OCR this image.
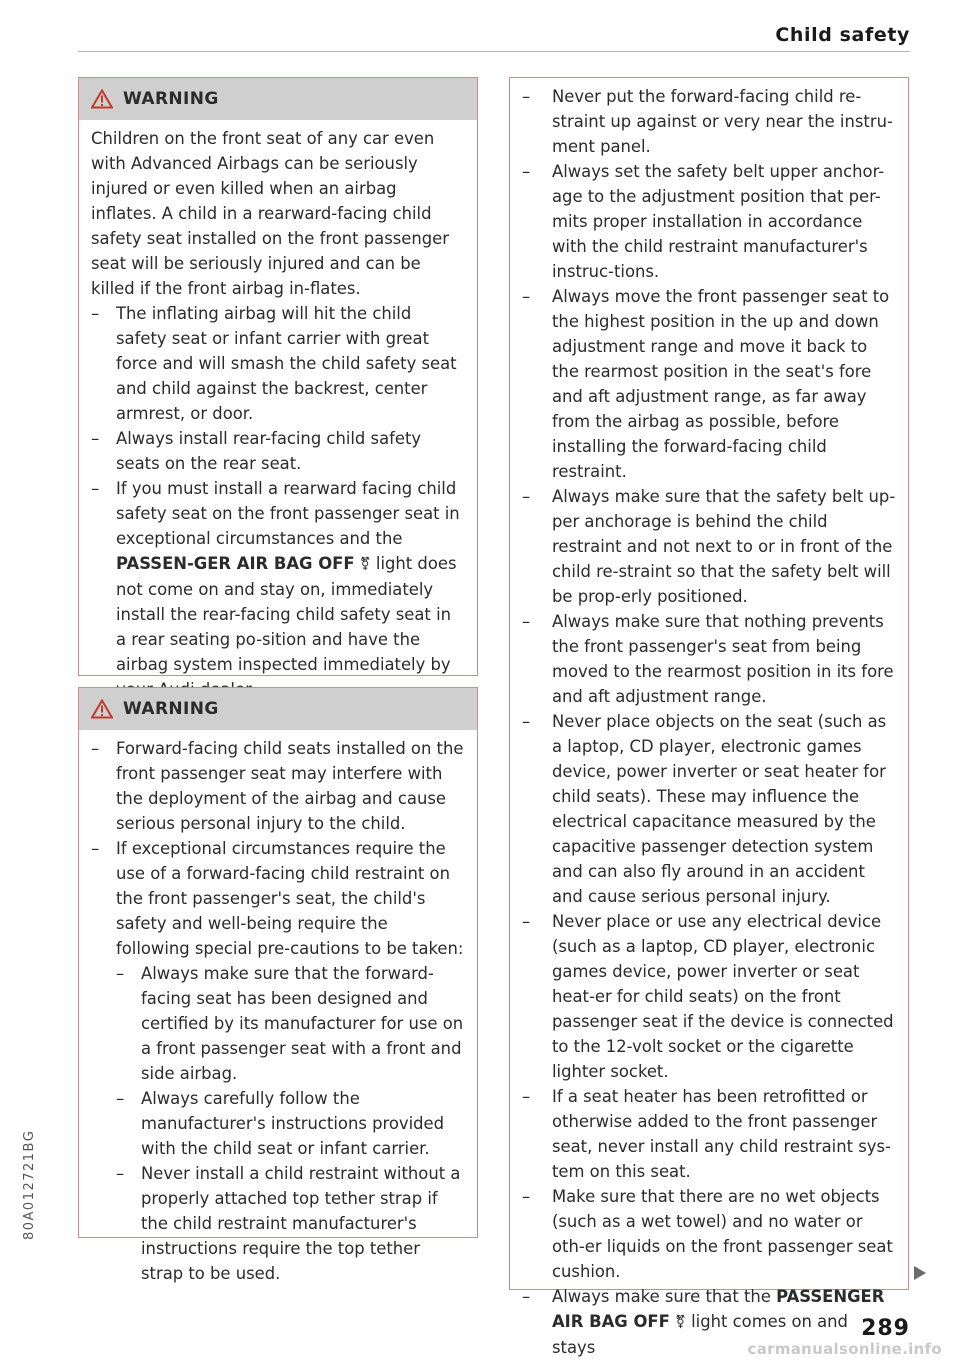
Child safety
WARNING

Children on the front seat of any car even with Advanced Airbags can be seriously injured or even killed when an airbag inflates. A child in a rearward-facing child safety seat installed on the front passenger seat will be seriously injured and can be killed if the front airbag in-flates.

– The inflating airbag will hit the child safety seat or infant carrier with great force and will smash the child safety seat and child against the backrest, center armrest, or door.
– Always install rear-facing child safety seats on the rear seat.
– If you must install a rearward facing child safety seat on the front passenger seat in exceptional circumstances and the PASSEN-GER AIR BAG OFF ⚧ light does not come on and stay on, immediately install the rear-facing child safety seat in a rear seating po-sition and have the airbag system inspected immediately by
WARNING
– Forward-facing child seats installed on the front passenger seat may interfere with the deployment of the airbag and cause serious personal injury to the child.
– If exceptional circumstances require the use of a forward-facing child restraint on the front passenger's seat, the child's safety and well-being require the following special pre-cautions to be taken:
– Always make sure that the forward-facing seat has been designed and certified by its manufacturer for use on a front passenger seat with a front and side airbag.
– Always carefully follow the manufacturer's instructions provided with the child seat or infant carrier.
– Never install a child restraint without a properly attached top tether strap if the child restraint manufacturer's instructions require the top tether strap to be used.
– Never put the forward-facing child re-straint up against or very near the instru-ment panel.
– Always set the safety belt upper anchor-age to the adjustment position that per-mits proper installation in accordance with the child restraint manufacturer's instruc-tions.
– Always move the front passenger seat to the highest position in the up and down adjustment range and move it back to the rearmost position in the seat's fore and aft adjustment range, as far away from the airbag as possible, before installing the forward-facing child restraint.
– Always make sure that the safety belt up-per anchorage is behind the child restraint and not next to or in front of the child re-straint so that the safety belt will be prop-erly positioned.
– Always make sure that nothing prevents the front passenger's seat from being moved to the rearmost position in its fore and aft adjustment range.
– Never place objects on the seat (such as a laptop, CD player, electronic games device, power inverter or seat heater for child seats). These may influence the electrical capacitance measured by the capacitive passenger detection system and can also fly around in an accident and cause serious personal injury.
– Never place or use any electrical device (such as a laptop, CD player, electronic games device, power inverter or seat heat-er for child seats) on the front passenger seat if the device is connected to the 12-volt socket or the cigarette lighter socket.
– If a seat heater has been retrofitted or otherwise added to the front passenger seat, never install any child restraint sys-tem on this seat.
– Make sure that there are no wet objects (such as a wet towel) and no water or oth-er liquids on the front passenger seat cushion.
– Always make sure that the PASSENGER AIR BAG OFF ⚧ light comes on and stays
289
80A012721BG
carmanualsonline.info
